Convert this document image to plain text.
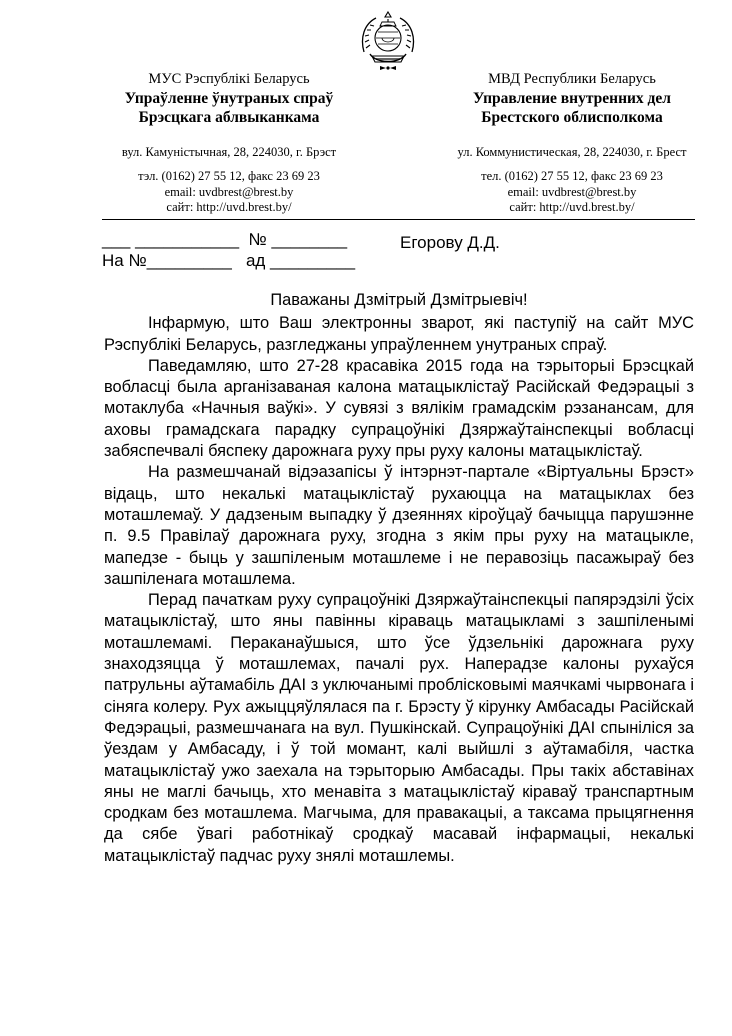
МУС Рэспублікі Беларусь
Упраўленне ўнутраных спраў
Брэсцкага аблвыканкама
вул. Камуністычная, 28, 224030, г. Брэст
тэл. (0162) 27 55 12, факс 23 69 23
email: uvdbrest@brest.by
сайт: http://uvd.brest.by/
МВД Республики Беларусь
Управление внутренних дел
Брестского облисполкома
ул. Коммунистическая, 28, 224030, г. Брест
тел. (0162) 27 55 12, факс 23 69 23
email: uvdbrest@brest.by
сайт: http://uvd.brest.by/
___ ___________  № ________
На №_________   ад _________
Егорову Д.Д.
Паважаны Дзмітрый Дзмітрыевіч!

Інфармую, што Ваш электронны зварот, які паступіў на сайт МУС Рэспублікі Беларусь, разгледжаны упраўленнем унутраных спраў.

Паведамляю, што 27-28 красавіка 2015 года на тэрыторыі Брэсцкай вобласці была арганізаваная калона матацыклістаў Расійскай Федэрацыі з мотаклуба «Начныя ваўкі». У сувязі з вялікім грамадскім рэзанансам, для аховы грамадскага парадку супрацоўнікі Дзяржаўтаінспекцыі вобласці забяспечвалі бяспеку дарожнага руху пры руху калоны матацыклістаў.

На размешчанай відэазапісы ў інтэрнэт-партале «Віртуальны Брэст» відаць, што некалькі матацыклістаў рухаюцца на матацыклах без моташлемаў. У дадзеным выпадку ў дзеяннях кіроўцаў бачыцца парушэнне п. 9.5 Правілаў дарожнага руху, згодна з якім пры руху на матацыкле, мапедзе - быць у зашпіленым моташлеме і не перавозіць пасажыраў без зашпіленага моташлема.

Перад пачаткам руху супрацоўнікі Дзяржаўтаінспекцыі папярэдзілі ўсіх матацыклістаў, што яны павінны кіраваць матацыкламі з зашпіленымі моташлемамі. Пераканаўшыся, што ўсе ўдзельнікі дарожнага руху знаходзяцца ў моташлемах, пачалі рух. Наперадзе калоны рухаўся патрульны аўтамабіль ДАІ з уключанымі проблісковымі маячкамі чырвонага і сіняга колеру. Рух ажыццяўлялася па г. Брэсту ў кірунку Амбасады Расійскай Федэрацыі, размешчанага на вул. Пушкінскай. Супрацоўнікі ДАІ спыніліся за ўездам у Амбасаду, і ў той момант, калі выйшлі з аўтамабіля, частка матацыклістаў ужо заехала на тэрыторыю Амбасады. Пры такіх абставінах яны не маглі бачыць, хто менавіта з матацыклістаў кіраваў транспартным сродкам без моташлема. Магчыма, для правакацыі, а таксама прыцягнення да сябе ўвагі работнікаў сродкаў масавай інфармацыі, некалькі матацыклістаў падчас руху знялі моташлемы.
